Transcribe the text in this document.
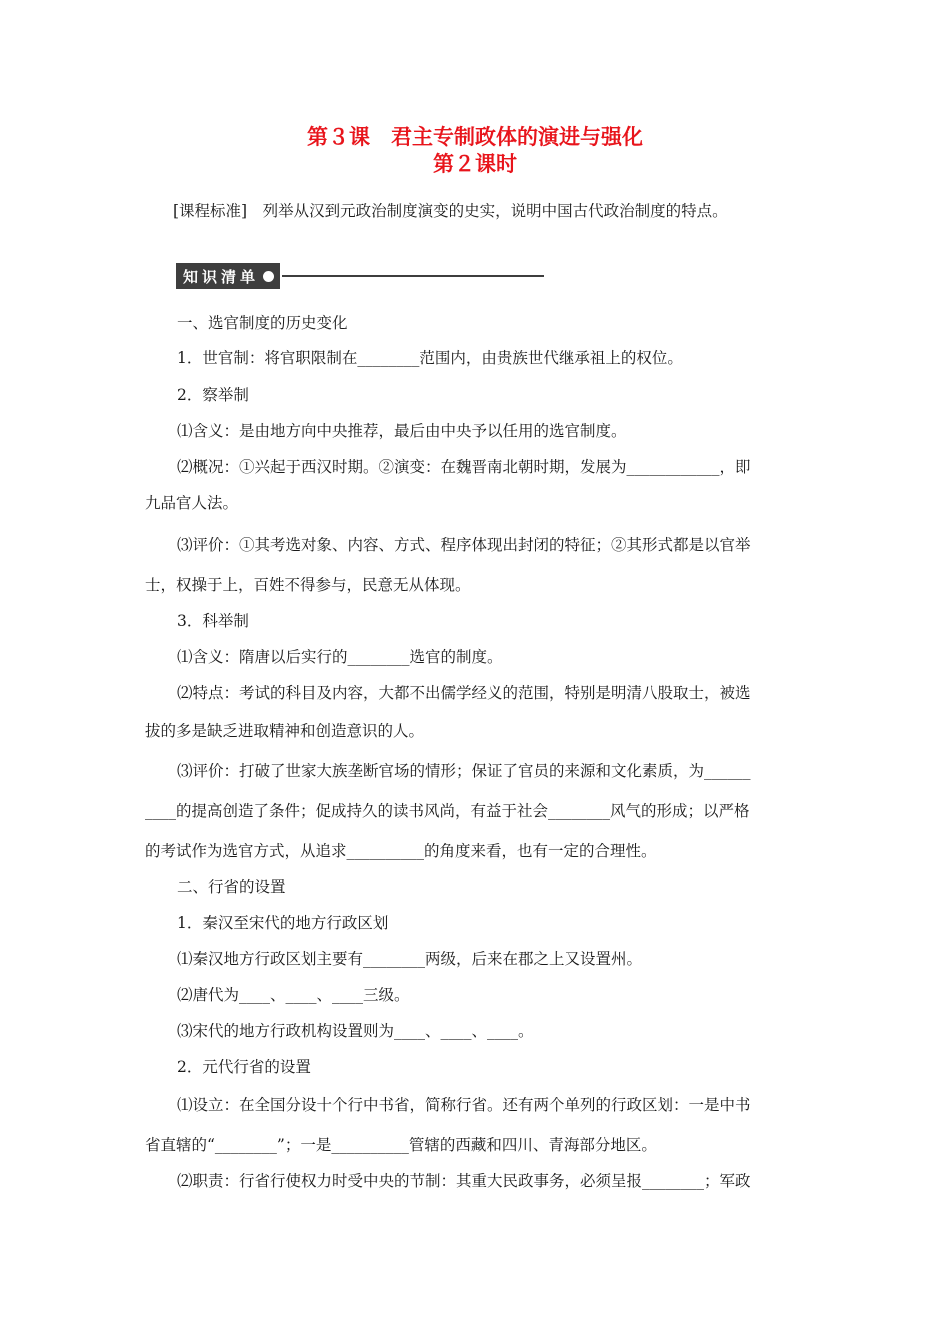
第３课　君主专制政体的演进与强化
第２课时
[课程标准]　列举从汉到元政治制度演变的史实，说明中国古代政治制度的特点。
知识清单
一、选官制度的历史变化
1．世官制：将官职限制在________范围内，由贵族世代继承祖上的权位。
2．察举制
⑴含义：是由地方向中央推荐，最后由中央予以任用的选官制度。
⑵概况：①兴起于西汉时期。②演变：在魏晋南北朝时期，发展为____________，即
九品官人法。
⑶评价：①其考选对象、内容、方式、程序体现出封闭的特征；②其形式都是以官举
士，权操于上，百姓不得参与，民意无从体现。
3．科举制
⑴含义：隋唐以后实行的________选官的制度。
⑵特点：考试的科目及内容，大都不出儒学经义的范围，特别是明清八股取士，被选
拔的多是缺乏进取精神和创造意识的人。
⑶评价：打破了世家大族垄断官场的情形；保证了官员的来源和文化素质，为______
____的提高创造了条件；促成持久的读书风尚，有益于社会________风气的形成；以严格
的考试作为选官方式，从追求__________的角度来看，也有一定的合理性。
二、行省的设置
1．秦汉至宋代的地方行政区划
⑴秦汉地方行政区划主要有________两级，后来在郡之上又设置州。
⑵唐代为____、____、____三级。
⑶宋代的地方行政机构设置则为____、____、____。
2．元代行省的设置
⑴设立：在全国分设十个行中书省，简称行省。还有两个单列的行政区划：一是中书
省直辖的“________”；一是__________管辖的西藏和四川、青海部分地区。
⑵职责：行省行使权力时受中央的节制：其重大民政事务，必须呈报________；军政
